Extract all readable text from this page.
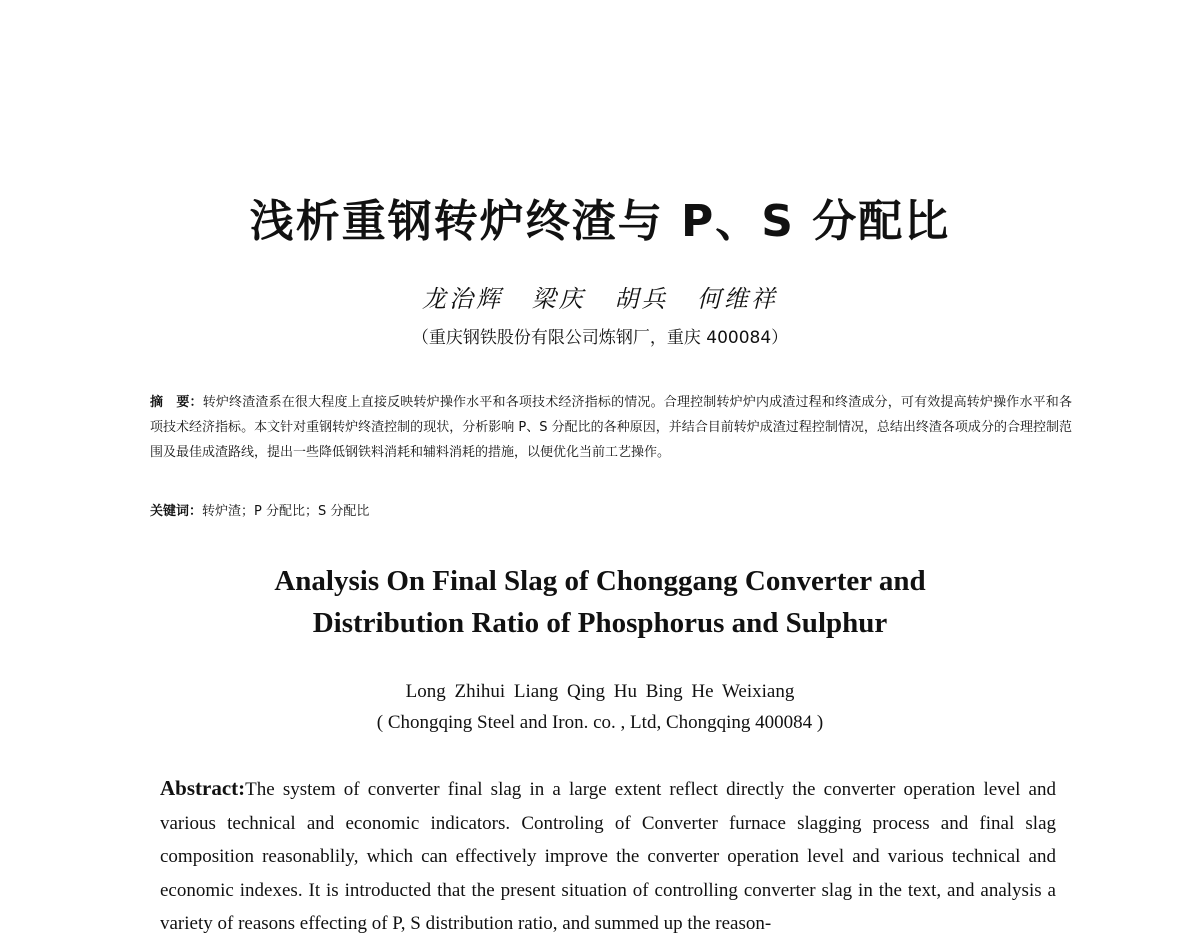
浅析重钢转炉终渣与 P、S 分配比
龙治辉 梁庆 胡兵 何维祥
（重庆钢铁股份有限公司炼钢厂，重庆 400084）
摘　要：转炉终渣渣系在很大程度上直接反映转炉操作水平和各项技术经济指标的情况。合理控制转炉炉内成渣过程和终渣成分，可有效提高转炉操作水平和各项技术经济指标。本文针对重钢转炉终渣控制的现状，分析影响 P、S 分配比的各种原因，并结合目前转炉成渣过程控制情况，总结出终渣各项成分的合理控制范围及最佳成渣路线，提出一些降低钢铁料消耗和辅料消耗的措施，以便优化当前工艺操作。
关键词：转炉渣；P 分配比；S 分配比
Analysis On Final Slag of Chonggang Converter and
Distribution Ratio of Phosphorus and Sulphur
Long Zhihui Liang Qing Hu Bing He Weixiang
( Chongqing Steel and Iron. co. , Ltd, Chongqing 400084 )
Abstract:The system of converter final slag in a large extent reflect directly the converter operation level and various technical and economic indicators. Controling of Converter furnace slagging process and final slag composition reasonablily, which can effectively improve the converter operation level and various technical and economic indexes. It is introducted that the present situation of controlling converter slag in the text, and analysis a variety of reasons effecting of P, S distribution ratio, and summed up the reason-
